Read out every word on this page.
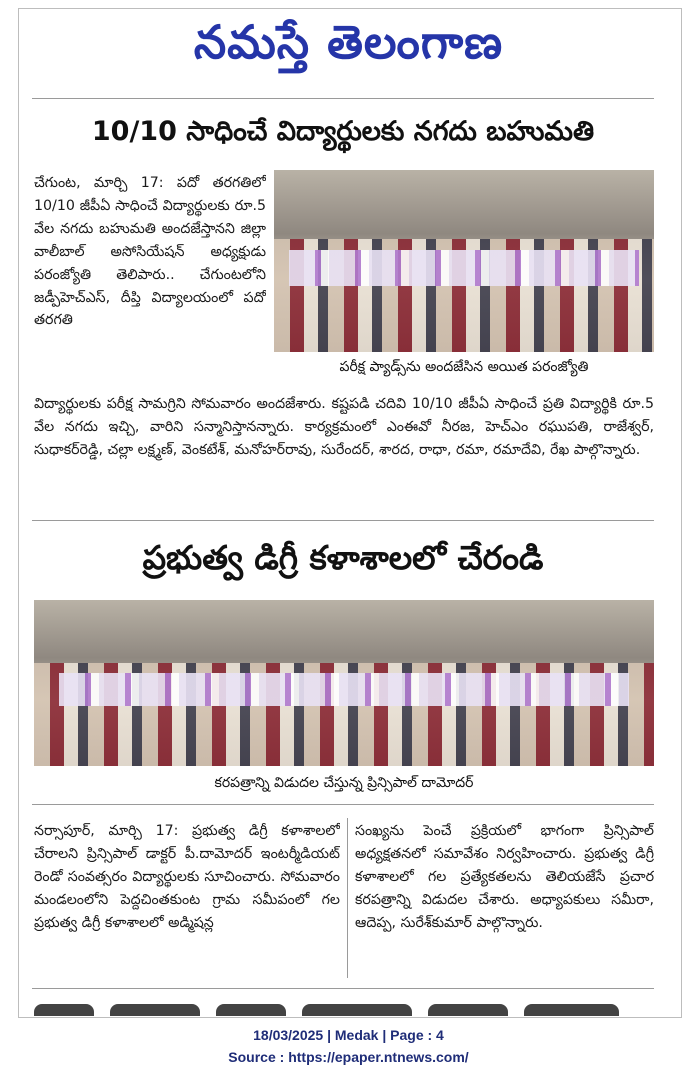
నమస్తే తెలంగాణ
10/10 సాధించే విద్యార్థులకు నగదు బహుమతి
పరీక్ష ప్యాడ్స్‌ను అందజేసిన అయిత పరంజ్యోతి
చేగుంట, మార్చి 17: పదో తరగతిలో 10/10 జీపీఏ సాధించే విద్యార్థులకు రూ.5 వేల నగదు బహుమతి అందజేస్తానని జిల్లా వాలీబాల్ అసోసియేషన్ అధ్యక్షుడు పరంజ్యోతి తెలిపారు.. చేగుంటలోని జడ్పీహెచ్ఎస్, దీప్తి విద్యాలయంలో పదో తరగతి
విద్యార్థులకు పరీక్ష సామగ్రిని సోమవారం అందజేశారు. కష్టపడి చదివి 10/10 జీపీఏ సాధించే ప్రతి విద్యార్థికి రూ.5 వేల నగదు ఇచ్చి, వారిని సన్మానిస్తానన్నారు. కార్యక్రమంలో ఎంఈవో నీరజ, హెచ్ఎం రఘుపతి, రాజేశ్వర్, సుధాకర్‌రెడ్డి, చల్లా లక్ష్మణ్, వెంకటేశ్, మనోహర్‌రావు, సురేందర్, శారద, రాధా, రమా, రమాదేవి, రేఖ పాల్గొన్నారు.
ప్రభుత్వ డిగ్రీ కళాశాలలో చేరండి
కరపత్రాన్ని విడుదల చేస్తున్న ప్రిన్సిపాల్ దామోదర్
నర్సాపూర్, మార్చి 17: ప్రభుత్వ డిగ్రీ కళాశాలలో చేరాలని ప్రిన్సిపాల్ డాక్టర్ పీ.దామోదర్ ఇంటర్మీడియట్ రెండో సంవత్సరం విద్యార్థులకు సూచించారు. సోమవారం మండలంలోని పెద్దచింతకుంట గ్రామ సమీపంలో గల ప్రభుత్వ డిగ్రీ కళాశాలలో అడ్మిషన్ల
సంఖ్యను పెంచే ప్రక్రియలో భాగంగా ప్రిన్సిపాల్ అధ్యక్షతనలో సమావేశం నిర్వహించారు. ప్రభుత్వ డిగ్రీ కళాశాలలో గల ప్రత్యేకతలను తెలియజేసే ప్రచార కరపత్రాన్ని విడుదల చేశారు. అధ్యాపకులు సమీరా, ఆదెప్ప, సురేశ్‌కుమార్ పాల్గొన్నారు.
18/03/2025 | Medak | Page : 4
Source : https://epaper.ntnews.com/
